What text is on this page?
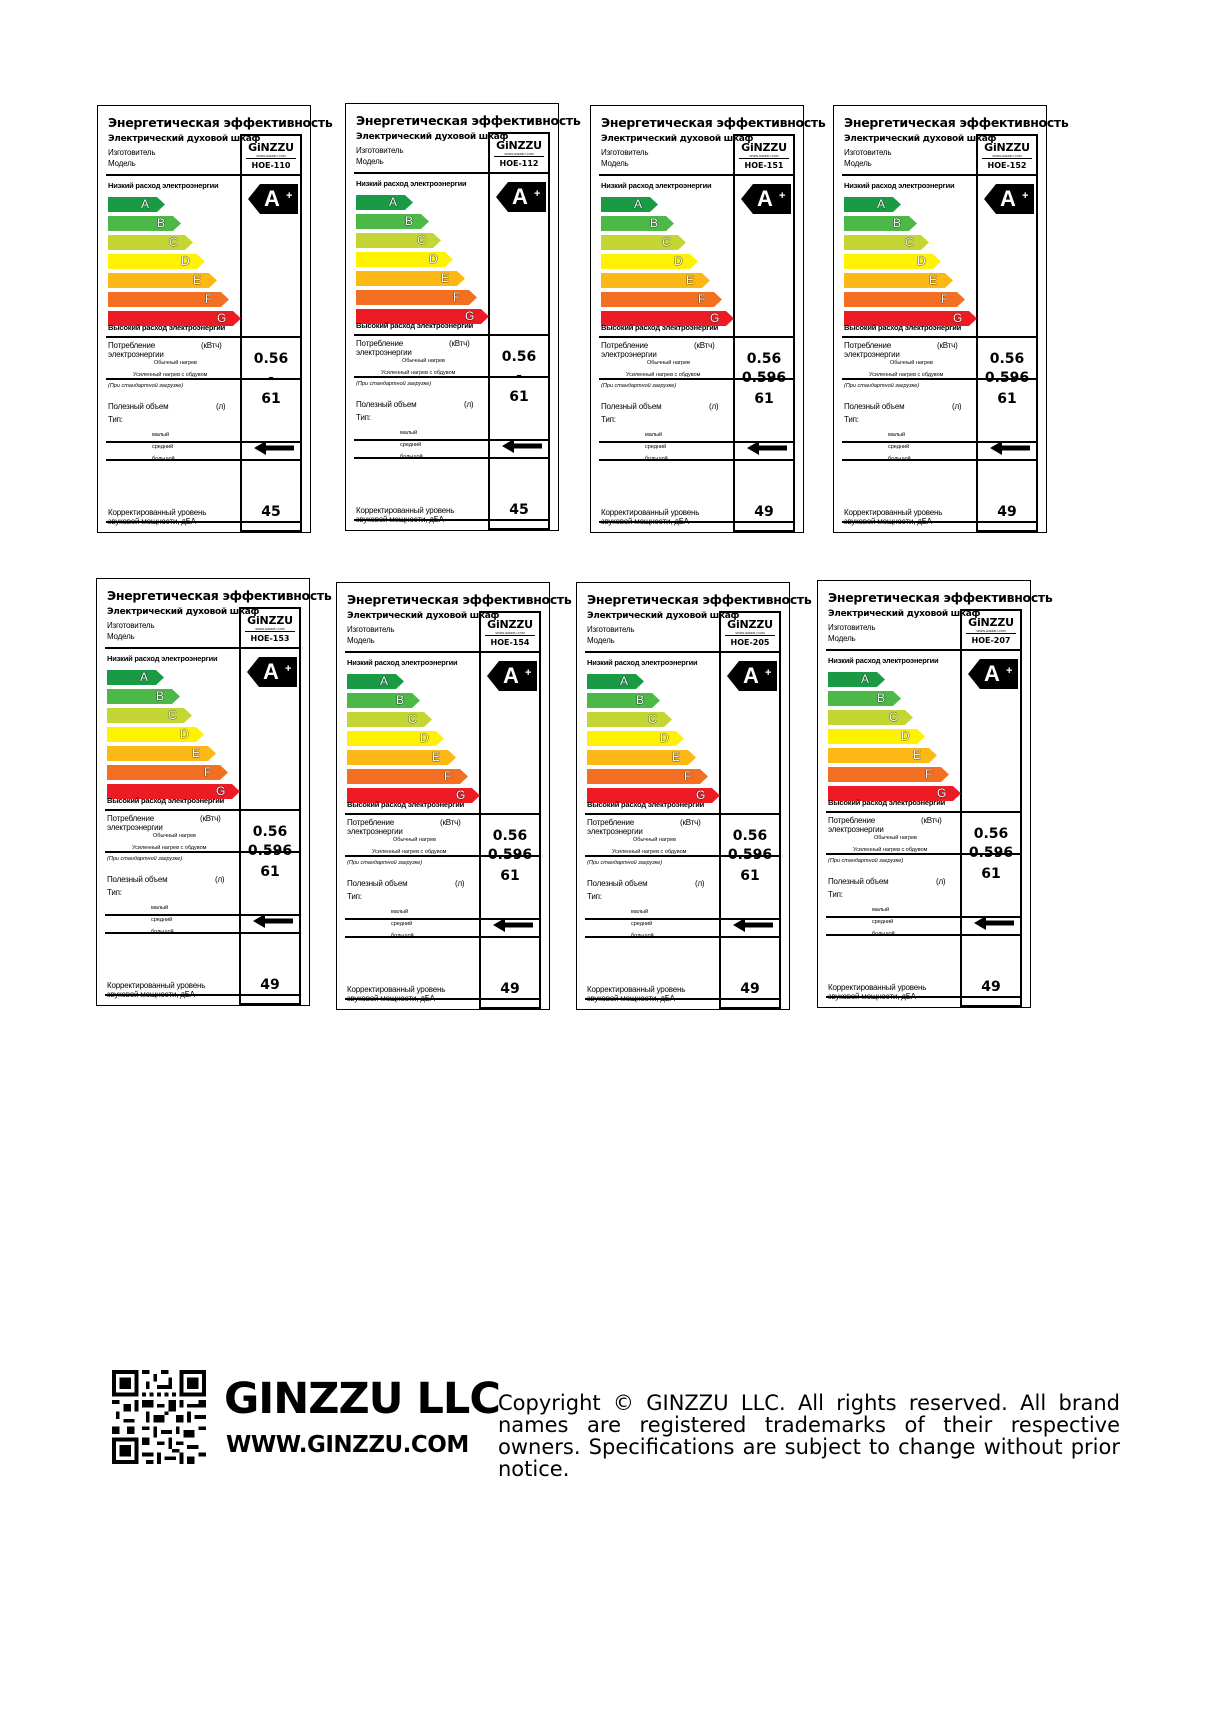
Энергетическая эффективность
Электрический духовой шкаф
Изготовитель
Модель
GiNZZU
WWW.GINZZU.COM
HOE-110
Низкий расход электроэнергии
A
B
C
D
E
F
G
Высокий расход электроэнергии
A +
Потребление
электроэнергии
(кВтч)
Обычный нагрев
Усиленный нагрев с обдувом
(При стандартной загрузке)
0.56
-
Полезный объем	(л)	61
Тип:
малый
средний
большой
Корректированный уровень
звуковой мощности, дБА
45
Энергетическая эффективность
Электрический духовой шкаф
Изготовитель
Модель
GiNZZU
WWW.GINZZU.COM
HOE-112
Низкий расход электроэнергии
A
B
C
D
E
F
G
Высокий расход электроэнергии
A +
Потребление
электроэнергии
(кВтч)
Обычный нагрев
Усиленный нагрев с обдувом
(При стандартной загрузке)
0.56
-
Полезный объем	(л)	61
Тип:
малый
средний
большой
Корректированный уровень
звуковой мощности, дБА
45
Энергетическая эффективность
Электрический духовой шкаф
Изготовитель
Модель
GiNZZU
WWW.GINZZU.COM
HOE-151
Низкий расход электроэнергии
A
B
C
D
E
F
G
Высокий расход электроэнергии
A +
Потребление
электроэнергии
(кВтч)
Обычный нагрев
Усиленный нагрев с обдувом
(При стандартной загрузке)
0.56
0.596
Полезный объем	(л)	61
Тип:
малый
средний
большой
Корректированный уровень
звуковой мощности, дБА
49
Энергетическая эффективность
Электрический духовой шкаф
Изготовитель
Модель
GiNZZU
WWW.GINZZU.COM
HOE-152
Низкий расход электроэнергии
A
B
C
D
E
F
G
Высокий расход электроэнергии
A +
Потребление
электроэнергии
(кВтч)
Обычный нагрев
Усиленный нагрев с обдувом
(При стандартной загрузке)
0.56
0.596
Полезный объем	(л)	61
Тип:
малый
средний
большой
Корректированный уровень
звуковой мощности, дБА
49
Энергетическая эффективность
Электрический духовой шкаф
Изготовитель
Модель
GiNZZU
WWW.GINZZU.COM
HOE-153
Низкий расход электроэнергии
A
B
C
D
E
F
G
Высокий расход электроэнергии
A +
Потребление
электроэнергии
(кВтч)
Обычный нагрев
Усиленный нагрев с обдувом
(При стандартной загрузке)
0.56
0.596
Полезный объем	(л)	61
Тип:
малый
средний
большой
Корректированный уровень
звуковой мощности, дБА
49
Энергетическая эффективность
Электрический духовой шкаф
Изготовитель
Модель
GiNZZU
WWW.GINZZU.COM
HOE-154
Низкий расход электроэнергии
A
B
C
D
E
F
G
Высокий расход электроэнергии
A +
Потребление
электроэнергии
(кВтч)
Обычный нагрев
Усиленный нагрев с обдувом
(При стандартной загрузке)
0.56
0.596
Полезный объем	(л)	61
Тип:
малый
средний
большой
Корректированный уровень
звуковой мощности, дБА
49
Энергетическая эффективность
Электрический духовой шкаф
Изготовитель
Модель
GiNZZU
WWW.GINZZU.COM
HOE-205
Низкий расход электроэнергии
A
B
C
D
E
F
G
Высокий расход электроэнергии
A +
Потребление
электроэнергии
(кВтч)
Обычный нагрев
Усиленный нагрев с обдувом
(При стандартной загрузке)
0.56
0.596
Полезный объем	(л)	61
Тип:
малый
средний
большой
Корректированный уровень
звуковой мощности, дБА
49
Энергетическая эффективность
Электрический духовой шкаф
Изготовитель
Модель
GiNZZU
WWW.GINZZU.COM
HOE-207
Низкий расход электроэнергии
A
B
C
D
E
F
G
Высокий расход электроэнергии
A +
Потребление
электроэнергии
(кВтч)
Обычный нагрев
Усиленный нагрев с обдувом
(При стандартной загрузке)
0.56
0.596
Полезный объем	(л)	61
Тип:
малый
средний
большой
Корректированный уровень
звуковой мощности, дБА
49
GINZZU LLC
WWW.GINZZU.COM
Copyright © GINZZU LLC. All rights reserved. All brand names are registered trademarks of their respective owners. Specifications are subject to change without prior notice.
